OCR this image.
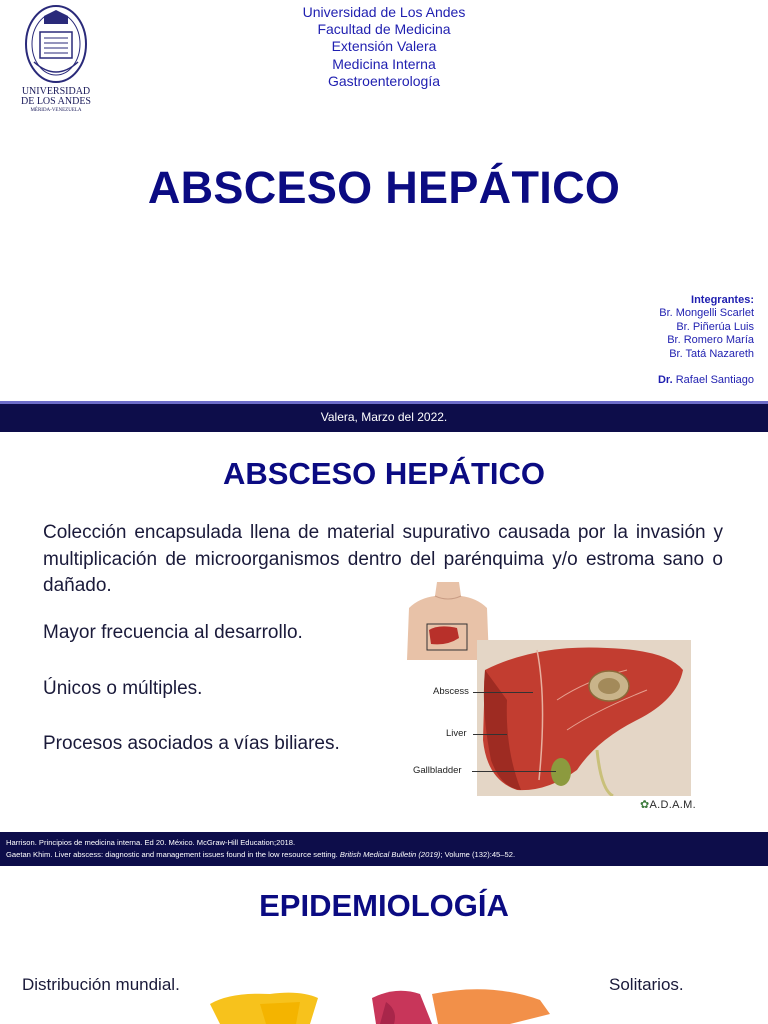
UNIVERSIDAD
DE LOS ANDES
MÉRIDA-VENEZUELA
Universidad de Los Andes
Facultad de Medicina
Extensión Valera
Medicina Interna
Gastroenterología
ABSCESO HEPÁTICO
Integrantes:
Br. Mongelli Scarlet
Br. Piñerúa Luis
Br. Romero María
Br. Tatá Nazareth
Dr. Rafael Santiago
Valera, Marzo del 2022.
ABSCESO HEPÁTICO
Colección encapsulada llena de material supurativo causada por la invasión y multiplicación de microorganismos dentro del parénquima y/o estroma sano o dañado.
Mayor frecuencia al desarrollo.
Únicos o múltiples.
Procesos asociados a vías biliares.
Abscess
Liver
Gallbladder
✿A.D.A.M.
Harrison. Principios de medicina interna. Ed 20. México. McGraw-Hill Education;2018.
Gaetan Khim. Liver abscess: diagnostic and management issues found in the low resource setting. British Medical Bulletin (2019); Volume (132):45–52.
EPIDEMIOLOGÍA
Distribución mundial.	Solitarios.
